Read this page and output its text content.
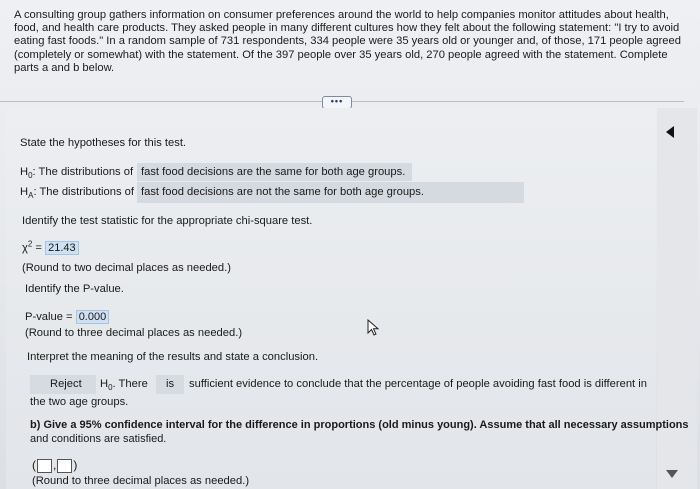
A consulting group gathers information on consumer preferences around the world to help companies monitor attitudes about health, food, and health care products. They asked people in many different cultures how they felt about the following statement: "I try to avoid eating fast foods." In a random sample of 731 respondents, 334 people were 35 years old or younger and, of those, 171 people agreed (completely or somewhat) with the statement. Of the 397 people over 35 years old, 270 people agreed with the statement. Complete parts a and b below.
•••
State the hypotheses for this test.
$H_0$: The distributions of fast food decisions are the same for both age groups.
$H_A$: The distributions of fast food decisions are not the same for both age groups.
Identify the test statistic for the appropriate chi-square test.
$\chi^2 = 21.43$
(Round to two decimal places as needed.)
Identify the P-value.
P-value = 0.000
(Round to three decimal places as needed.)
Interpret the meaning of the results and state a conclusion.
Reject $H_0$. There is sufficient evidence to conclude that the percentage of people avoiding fast food is different in
the two age groups.
b) Give a 95% confidence interval for the difference in proportions (old minus young). Assume that all necessary assumptions
and conditions are satisfied.
( , )
(Round to three decimal places as needed.)
